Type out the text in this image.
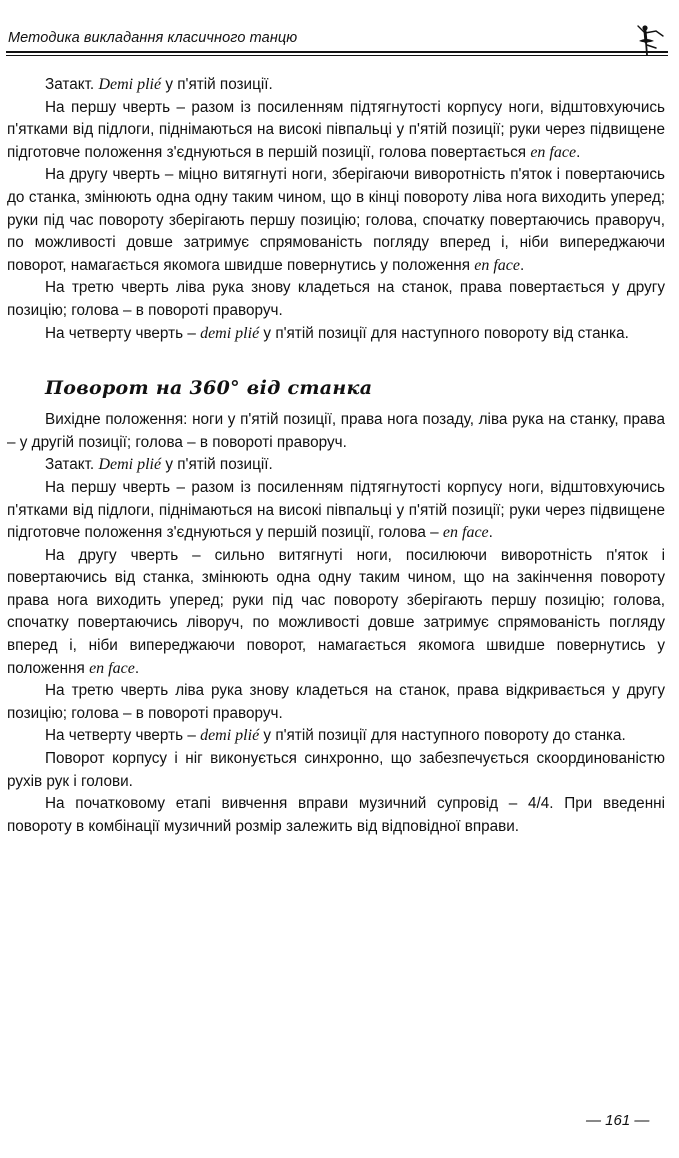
Методика викладання класичного танцю

Затакт. Demi plié у п'ятій позиції.

На першу чверть – разом із посиленням підтягнутості корпусу ноги, відштовхуючись п'ятками від підлоги, піднімаються на високі півпальці у п'ятій позиції; руки через підвищене підготовче положення з'єднуються в першій позиції, голова повертається en face.

На другу чверть – міцно витягнуті ноги, зберігаючи виворотність п'яток і повертаючись до станка, змінюють одна одну таким чином, що в кінці повороту ліва нога виходить уперед; руки під час повороту зберігають першу позицію; голова, спочатку повертаючись праворуч, по можливості довше затримує спрямованість погляду вперед і, ніби випереджаючи поворот, намагається якомога швидше повернутись у положення en face.

На третю чверть ліва рука знову кладеться на станок, права повертається у другу позицію; голова – в повороті праворуч.

На четверту чверть – demi plié у п'ятій позиції для наступного повороту від станка.

Поворот на 360° від станка

Вихідне положення: ноги у п'ятій позиції, права нога позаду, ліва рука на станку, права – у другій позиції; голова – в повороті праворуч.

Затакт. Demi plié у п'ятій позиції.

На першу чверть – разом із посиленням підтягнутості корпусу ноги, відштовхуючись п'ятками від підлоги, піднімаються на високі півпальці у п'ятій позиції; руки через підвищене підготовче положення з'єднуються у першій позиції, голова – en face.

На другу чверть – сильно витягнуті ноги, посилюючи виворотність п'яток і повертаючись від станка, змінюють одна одну таким чином, що на закінчення повороту права нога виходить уперед; руки під час повороту зберігають першу позицію; голова, спочатку повертаючись ліворуч, по можливості довше затримує спрямованість погляду вперед і, ніби випереджаючи поворот, намагається якомога швидше повернутись у положення en face.

На третю чверть ліва рука знову кладеться на станок, права відкривається у другу позицію; голова – в повороті праворуч.

На четверту чверть – demi plié у п'ятій позиції для наступного повороту до станка.

Поворот корпусу і ніг виконується синхронно, що забезпечується скоординованістю рухів рук і голови.

На початковому етапі вивчення вправи музичний супровід – 4/4. При введенні повороту в комбінації музичний розмір залежить від відповідної вправи.

— 161 —
